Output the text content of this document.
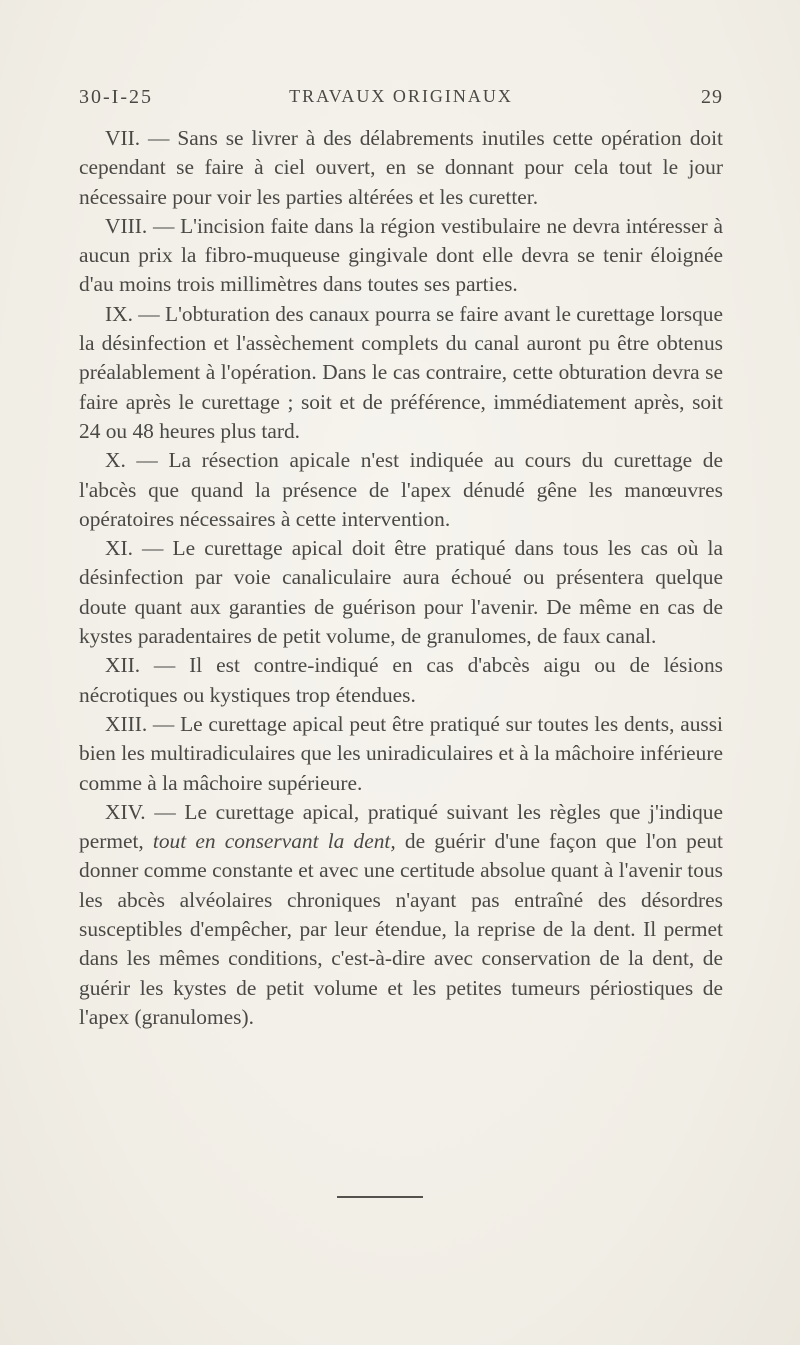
30-I-25	TRAVAUX ORIGINAUX	29

VII. — Sans se livrer à des délabrements inutiles cette opération doit cependant se faire à ciel ouvert, en se donnant pour cela tout le jour nécessaire pour voir les parties altérées et les curetter.

VIII. — L'incision faite dans la région vestibulaire ne devra intéresser à aucun prix la fibro-muqueuse gingivale dont elle devra se tenir éloignée d'au moins trois millimètres dans toutes ses parties.

IX. — L'obturation des canaux pourra se faire avant le curettage lorsque la désinfection et l'assèchement complets du canal auront pu être obtenus préalablement à l'opération. Dans le cas contraire, cette obturation devra se faire après le curettage ; soit et de préférence, immédiatement après, soit 24 ou 48 heures plus tard.

X. — La résection apicale n'est indiquée au cours du curettage de l'abcès que quand la présence de l'apex dénudé gêne les manœuvres opératoires nécessaires à cette intervention.

XI. — Le curettage apical doit être pratiqué dans tous les cas où la désinfection par voie canaliculaire aura échoué ou présentera quelque doute quant aux garanties de guérison pour l'avenir. De même en cas de kystes paradentaires de petit volume, de granulomes, de faux canal.

XII. — Il est contre-indiqué en cas d'abcès aigu ou de lésions nécrotiques ou kystiques trop étendues.

XIII. — Le curettage apical peut être pratiqué sur toutes les dents, aussi bien les multiradiculaires que les uniradiculaires et à la mâchoire inférieure comme à la mâchoire supérieure.

XIV. — Le curettage apical, pratiqué suivant les règles que j'indique permet, tout en conservant la dent, de guérir d'une façon que l'on peut donner comme constante et avec une certitude absolue quant à l'avenir tous les abcès alvéolaires chroniques n'ayant pas entraîné des désordres susceptibles d'empêcher, par leur étendue, la reprise de la dent. Il permet dans les mêmes conditions, c'est-à-dire avec conservation de la dent, de guérir les kystes de petit volume et les petites tumeurs périostiques de l'apex (granulomes).
